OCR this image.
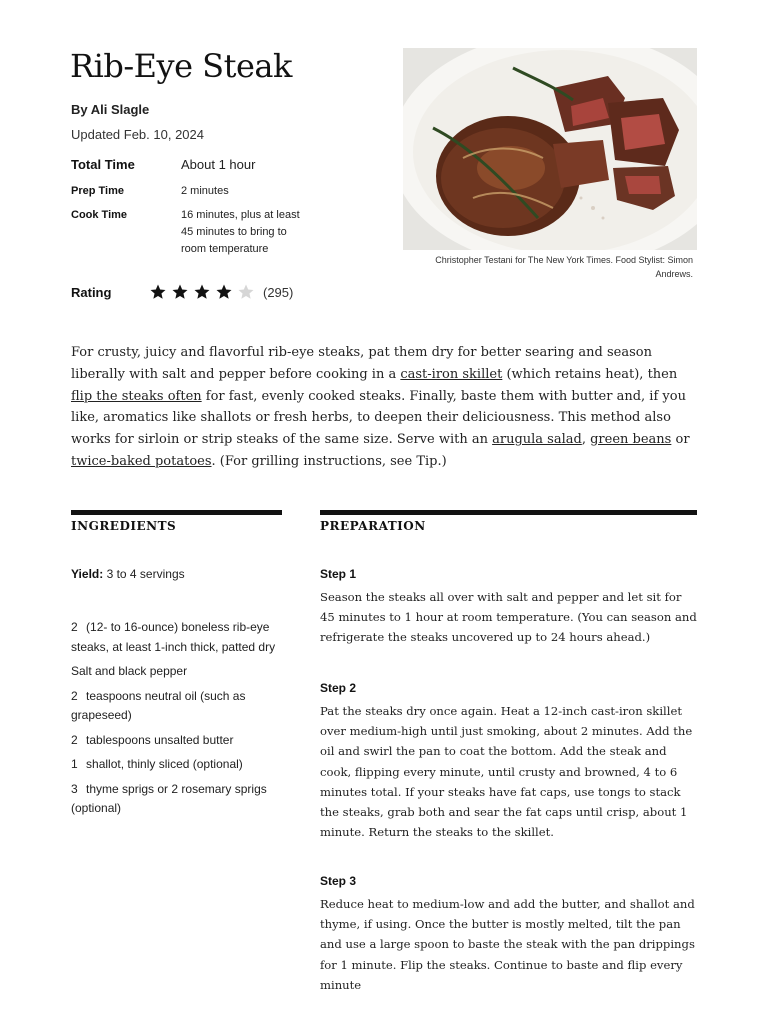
Rib-Eye Steak
By Ali Slagle
Updated Feb. 10, 2024
Total Time	About 1 hour
Prep Time	2 minutes
Cook Time	16 minutes, plus at least 45 minutes to bring to room temperature
Rating	(295)
Christopher Testani for The New York Times. Food Stylist: Simon Andrews.

For crusty, juicy and flavorful rib-eye steaks, pat them dry for better searing and season liberally with salt and pepper before cooking in a cast-iron skillet (which retains heat), then flip the steaks often for fast, evenly cooked steaks. Finally, baste them with butter and, if you like, aromatics like shallots or fresh herbs, to deepen their deliciousness. This method also works for sirloin or strip steaks of the same size. Serve with an arugula salad, green beans or twice-baked potatoes. (For grilling instructions, see Tip.)

INGREDIENTS
Yield: 3 to 4 servings
2 (12- to 16-ounce) boneless rib-eye steaks, at least 1-inch thick, patted dry
Salt and black pepper
2 teaspoons neutral oil (such as grapeseed)
2 tablespoons unsalted butter
1 shallot, thinly sliced (optional)
3 thyme sprigs or 2 rosemary sprigs (optional)
PREPARATION

Step 1

Season the steaks all over with salt and pepper and let sit for 45 minutes to 1 hour at room temperature. (You can season and refrigerate the steaks uncovered up to 24 hours ahead.)

Step 2

Pat the steaks dry once again. Heat a 12-inch cast-iron skillet over medium-high until just smoking, about 2 minutes. Add the oil and swirl the pan to coat the bottom. Add the steak and cook, flipping every minute, until crusty and browned, 4 to 6 minutes total. If your steaks have fat caps, use tongs to stack the steaks, grab both and sear the fat caps until crisp, about 1 minute. Return the steaks to the skillet.

Step 3

Reduce heat to medium-low and add the butter, and shallot and thyme, if using. Once the butter is mostly melted, tilt the pan and use a large spoon to baste the steak with the pan drippings for 1 minute. Flip the steaks. Continue to baste and flip every minute
